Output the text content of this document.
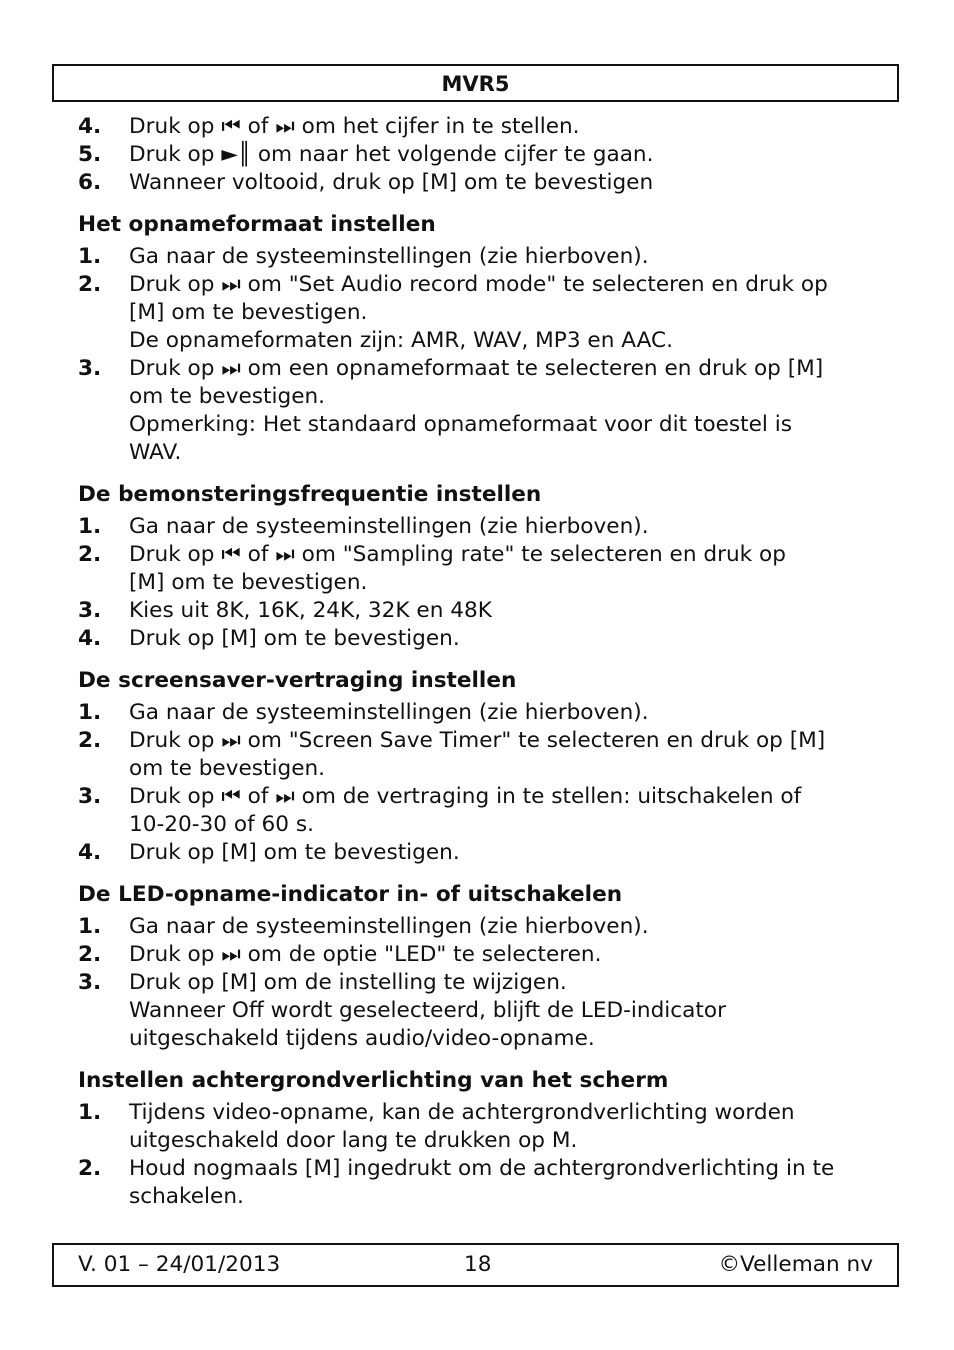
MVR5
4. Druk op ⏮ of ⏭ om het cijfer in te stellen.
5. Druk op ►║ om naar het volgende cijfer te gaan.
6. Wanneer voltooid, druk op [M] om te bevestigen
Het opnameformaat instellen
1. Ga naar de systeeminstellingen (zie hierboven).
2. Druk op ⏭ om "Set Audio record mode" te selecteren en druk op
[M] om te bevestigen.
De opnameformaten zijn: AMR, WAV, MP3 en AAC.
3. Druk op ⏭ om een opnameformaat te selecteren en druk op [M]
om te bevestigen.
Opmerking: Het standaard opnameformaat voor dit toestel is
WAV.
De bemonsteringsfrequentie instellen
1. Ga naar de systeeminstellingen (zie hierboven).
2. Druk op ⏮ of ⏭ om "Sampling rate" te selecteren en druk op
[M] om te bevestigen.
3. Kies uit 8K, 16K, 24K, 32K en 48K
4. Druk op [M] om te bevestigen.
De screensaver-vertraging instellen
1. Ga naar de systeeminstellingen (zie hierboven).
2. Druk op ⏭ om "Screen Save Timer" te selecteren en druk op [M]
om te bevestigen.
3. Druk op ⏮ of ⏭ om de vertraging in te stellen: uitschakelen of
10-20-30 of 60 s.
4. Druk op [M] om te bevestigen.
De LED-opname-indicator in- of uitschakelen
1. Ga naar de systeeminstellingen (zie hierboven).
2. Druk op ⏭ om de optie "LED" te selecteren.
3. Druk op [M] om de instelling te wijzigen.
Wanneer Off wordt geselecteerd, blijft de LED-indicator
uitgeschakeld tijdens audio/video-opname.
Instellen achtergrondverlichting van het scherm
1. Tijdens video-opname, kan de achtergrondverlichting worden
uitgeschakeld door lang te drukken op M.
2. Houd nogmaals [M] ingedrukt om de achtergrondverlichting in te
schakelen.
V. 01 – 24/01/2013	18	©Velleman nv
